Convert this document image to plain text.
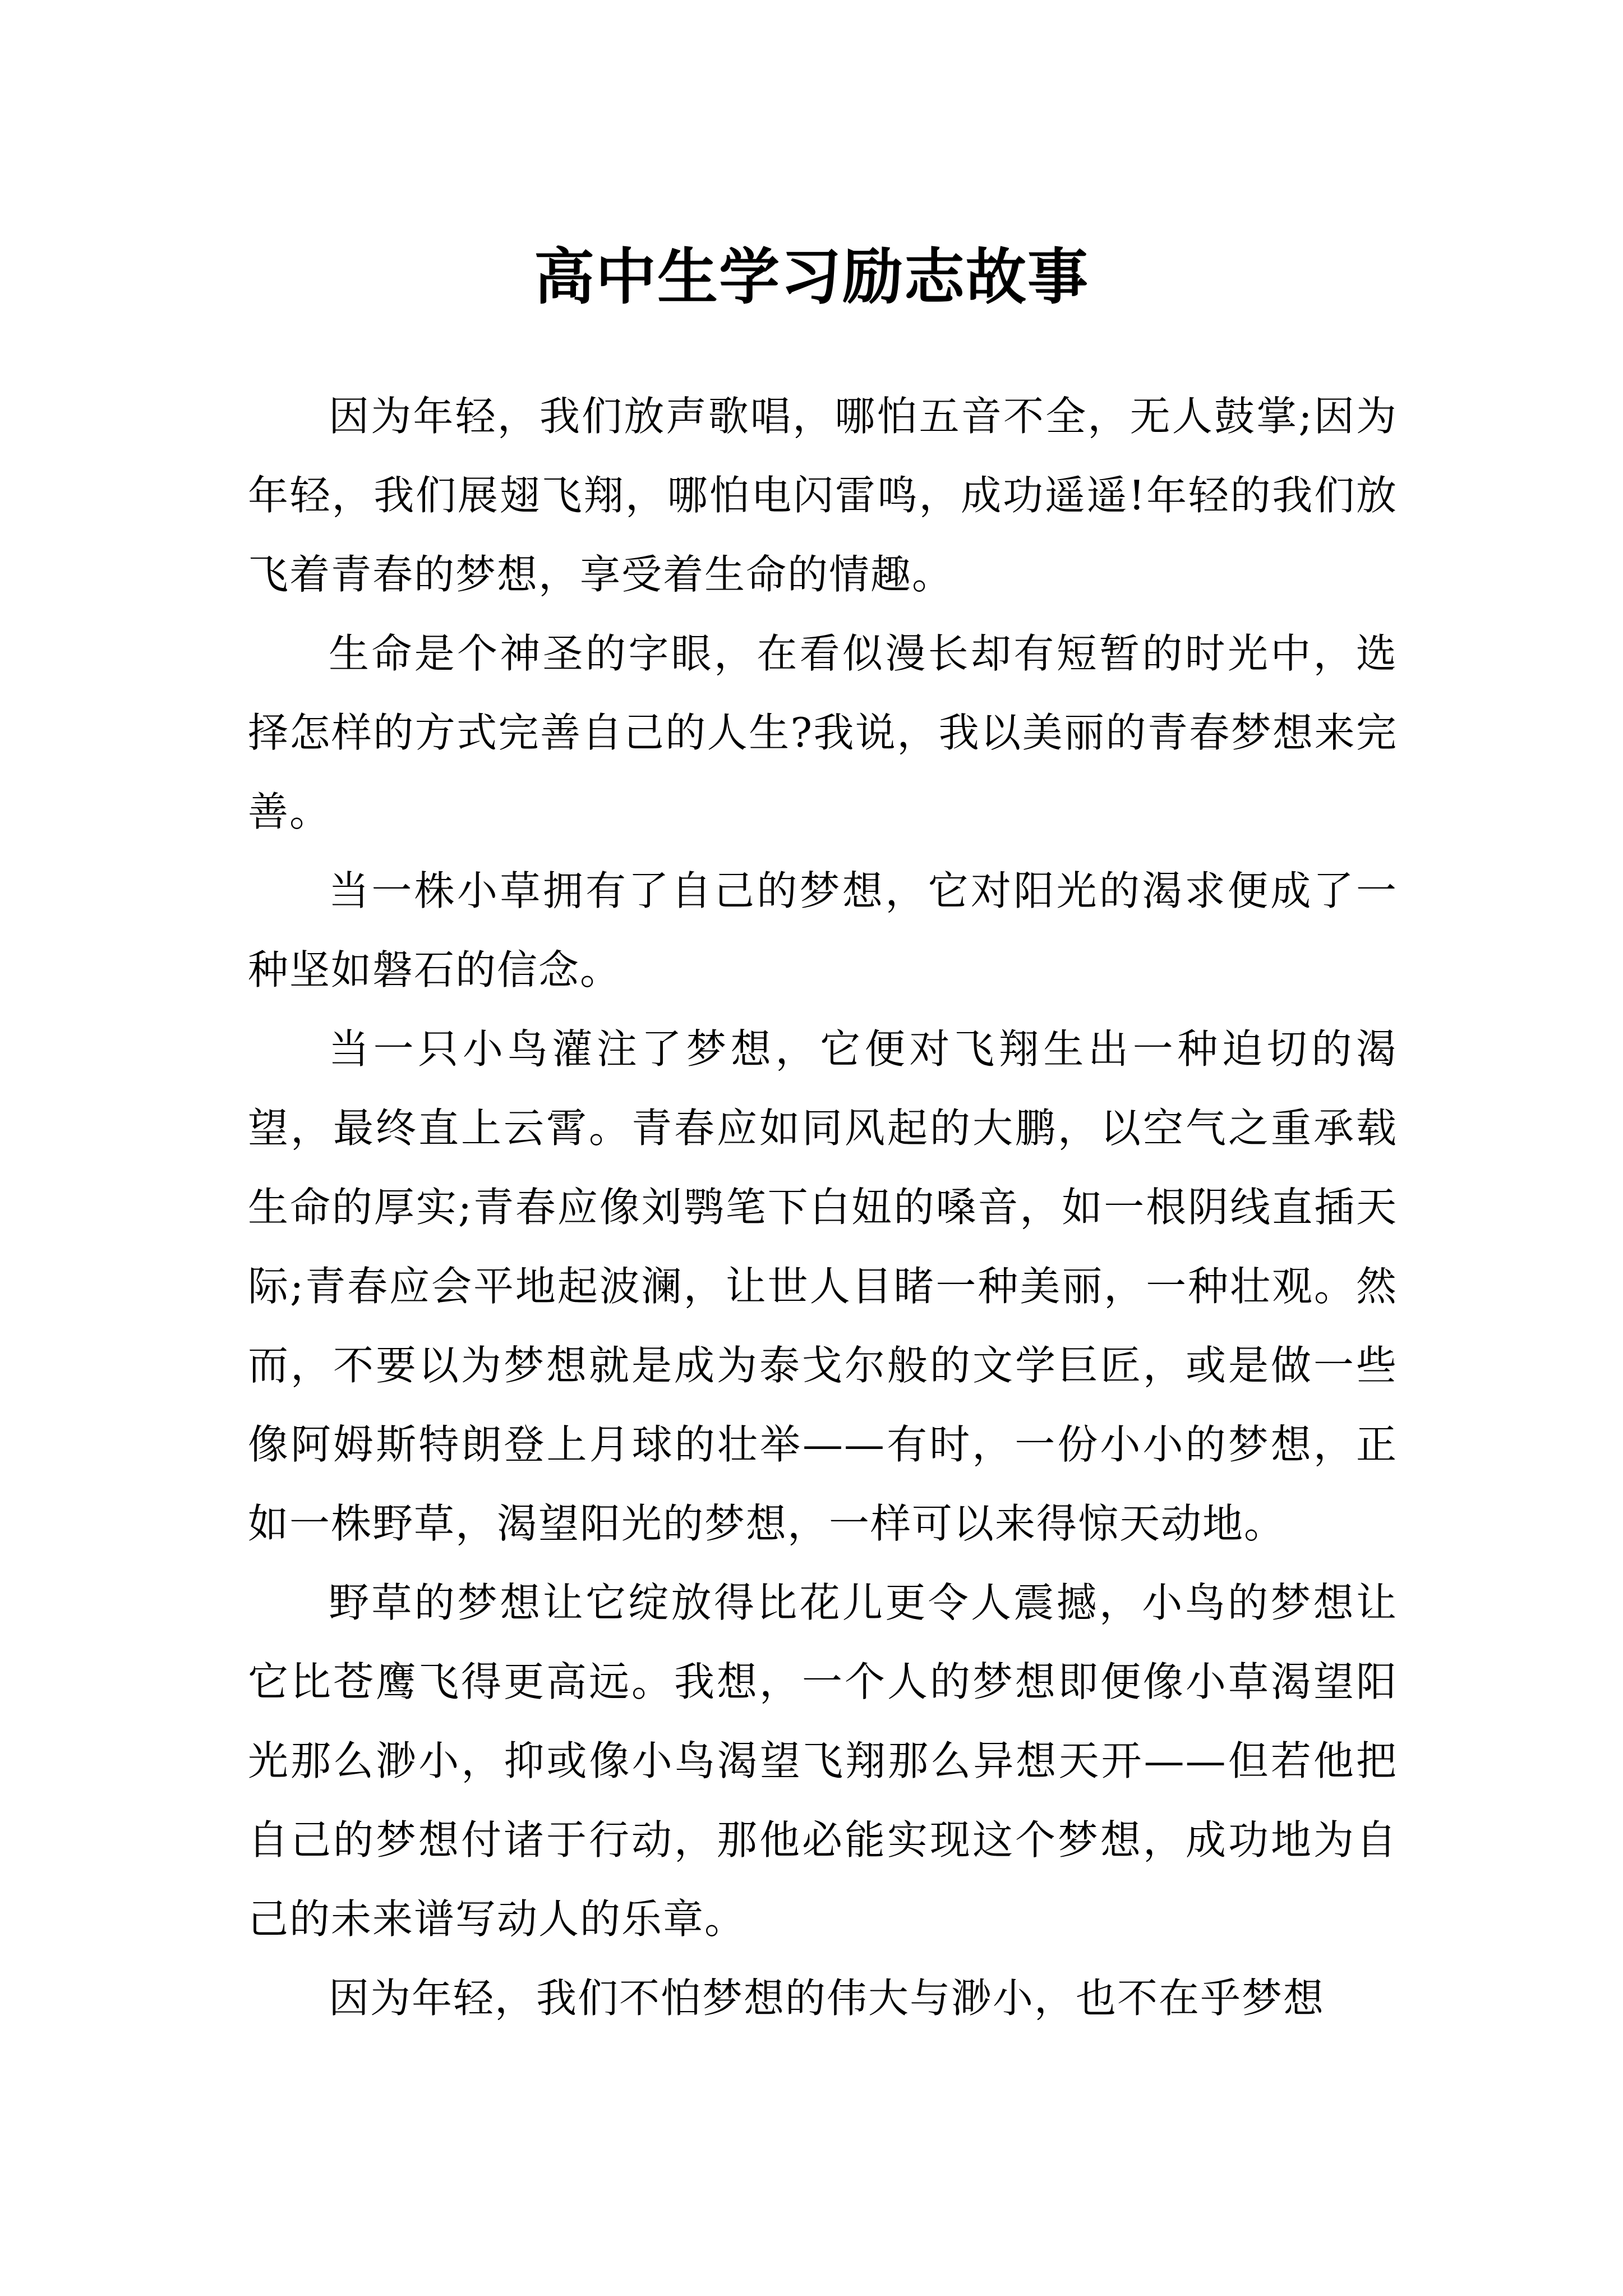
高中生学习励志故事

因为年轻，我们放声歌唱，哪怕五音不全，无人鼓掌;因为年轻，我们展翅飞翔，哪怕电闪雷鸣，成功遥遥!年轻的我们放飞着青春的梦想，享受着生命的情趣。

生命是个神圣的字眼，在看似漫长却有短暂的时光中，选择怎样的方式完善自己的人生?我说，我以美丽的青春梦想来完善。

当一株小草拥有了自己的梦想，它对阳光的渴求便成了一种坚如磐石的信念。

当一只小鸟灌注了梦想，它便对飞翔生出一种迫切的渴望，最终直上云霄。青春应如同风起的大鹏，以空气之重承载生命的厚实;青春应像刘鹗笔下白妞的嗓音，如一根阴线直插天际;青春应会平地起波澜，让世人目睹一种美丽，一种壮观。然而，不要以为梦想就是成为泰戈尔般的文学巨匠，或是做一些像阿姆斯特朗登上月球的壮举——有时，一份小小的梦想，正如一株野草，渴望阳光的梦想，一样可以来得惊天动地。

野草的梦想让它绽放得比花儿更令人震撼，小鸟的梦想让它比苍鹰飞得更高远。我想，一个人的梦想即便像小草渴望阳光那么渺小，抑或像小鸟渴望飞翔那么异想天开——但若他把自己的梦想付诸于行动，那他必能实现这个梦想，成功地为自己的未来谱写动人的乐章。

因为年轻，我们不怕梦想的伟大与渺小，也不在乎梦想
